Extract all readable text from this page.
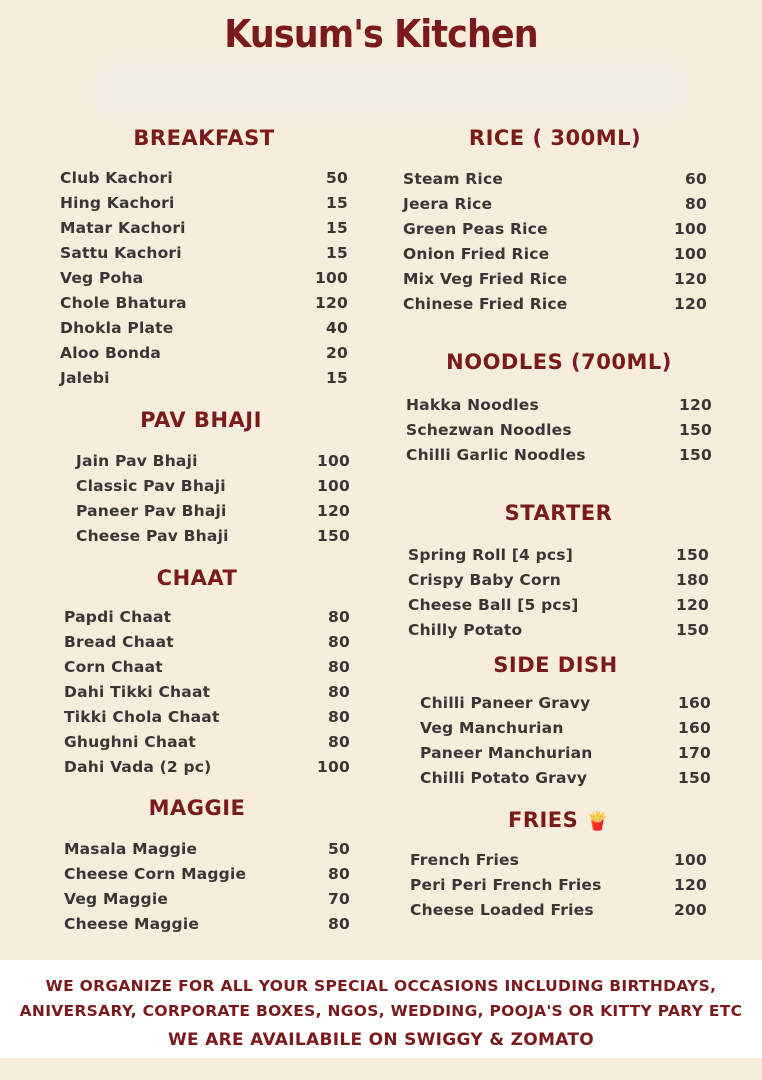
Kusum's Kitchen
BREAKFAST
Club Kachori	50
Hing Kachori	15
Matar Kachori	15
Sattu Kachori	15
Veg Poha	100
Chole Bhatura	120
Dhokla Plate	40
Aloo Bonda	20
Jalebi	15
PAV BHAJI
Jain Pav Bhaji	100
Classic Pav Bhaji	100
Paneer Pav Bhaji	120
Cheese Pav Bhaji	150
CHAAT
Papdi Chaat	80
Bread Chaat	80
Corn Chaat	80
Dahi Tikki Chaat	80
Tikki Chola Chaat	80
Ghughni Chaat	80
Dahi Vada (2 pc)	100
MAGGIE
Masala Maggie	50
Cheese Corn Maggie	80
Veg Maggie	70
Cheese Maggie	80
RICE ( 300ML)
Steam Rice	60
Jeera Rice	80
Green Peas Rice	100
Onion Fried Rice	100
Mix Veg Fried Rice	120
Chinese Fried Rice	120
NOODLES (700ML)
Hakka Noodles	120
Schezwan Noodles	150
Chilli Garlic Noodles	150
STARTER
Spring Roll [4 pcs]	150
Crispy Baby Corn	180
Cheese Ball [5 pcs]	120
Chilly Potato	150
SIDE DISH
Chilli Paneer Gravy	160
Veg Manchurian	160
Paneer Manchurian	170
Chilli Potato Gravy	150
FRIES 🍟
French Fries	100
Peri Peri French Fries	120
Cheese Loaded Fries	200
WE ORGANIZE FOR ALL YOUR SPECIAL OCCASIONS INCLUDING BIRTHDAYS,
ANIVERSARY, CORPORATE BOXES, NGOS, WEDDING, POOJA'S OR KITTY PARY ETC
WE ARE AVAILABILE ON SWIGGY & ZOMATO
